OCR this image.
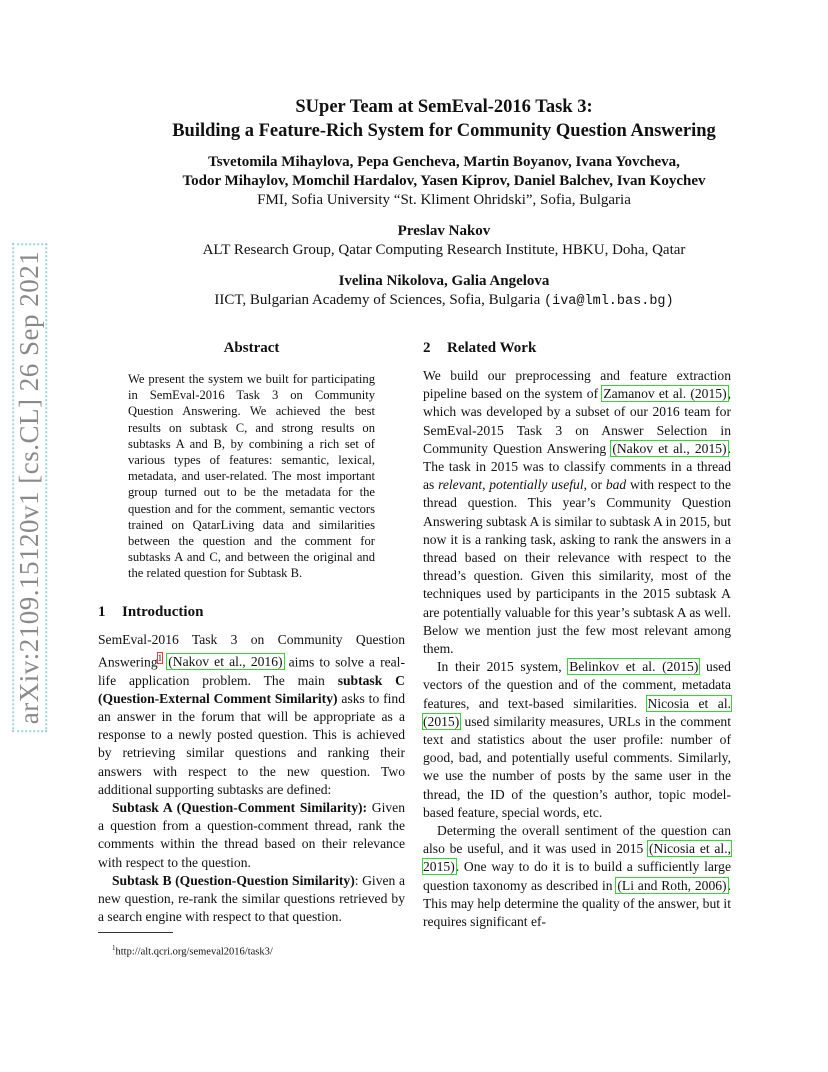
arXiv:2109.15120v1 [cs.CL] 26 Sep 2021

SUper Team at SemEval-2016 Task 3:
Building a Feature-Rich System for Community Question Answering

Tsvetomila Mihaylova, Pepa Gencheva, Martin Boyanov, Ivana Yovcheva,
Todor Mihaylov, Momchil Hardalov, Yasen Kiprov, Daniel Balchev, Ivan Koychev
FMI, Sofia University “St. Kliment Ohridski”, Sofia, Bulgaria
Preslav Nakov
ALT Research Group, Qatar Computing Research Institute, HBKU, Doha, Qatar
Ivelina Nikolova, Galia Angelova
IICT, Bulgarian Academy of Sciences, Sofia, Bulgaria (iva@lml.bas.bg)
Abstract

We present the system we built for participating in SemEval-2016 Task 3 on Community Question Answering. We achieved the best results on subtask C, and strong results on subtasks A and B, by combining a rich set of various types of features: semantic, lexical, metadata, and user-related. The most important group turned out to be the metadata for the question and for the comment, semantic vectors trained on QatarLiving data and similarities between the question and the comment for subtasks A and C, and between the original and the related question for Subtask B.

1 Introduction

SemEval-2016 Task 3 on Community Question Answering$^1$ (Nakov et al., 2016) aims to solve a real-life application problem. The main subtask C (Question-External Comment Similarity) asks to find an answer in the forum that will be appropriate as a response to a newly posted question. This is achieved by retrieving similar questions and ranking their answers with respect to the new question. Two additional supporting subtasks are defined:

Subtask A (Question-Comment Similarity): Given a question from a question-comment thread, rank the comments within the thread based on their relevance with respect to the question.

Subtask B (Question-Question Similarity): Given a new question, re-rank the similar questions retrieved by a search engine with respect to that question.

$^1$http://alt.qcri.org/semeval2016/task3/
2 Related Work

We build our preprocessing and feature extraction pipeline based on the system of Zamanov et al. (2015), which was developed by a subset of our 2016 team for SemEval-2015 Task 3 on Answer Selection in Community Question Answering (Nakov et al., 2015). The task in 2015 was to classify comments in a thread as relevant, potentially useful, or bad with respect to the thread question. This year’s Community Question Answering subtask A is similar to subtask A in 2015, but now it is a ranking task, asking to rank the answers in a thread based on their relevance with respect to the thread’s question. Given this similarity, most of the techniques used by participants in the 2015 subtask A are potentially valuable for this year’s subtask A as well. Below we mention just the few most relevant among them.

In their 2015 system, Belinkov et al. (2015) used vectors of the question and of the comment, metadata features, and text-based similarities. Nicosia et al. (2015) used similarity measures, URLs in the comment text and statistics about the user profile: number of good, bad, and potentially useful comments. Similarly, we use the number of posts by the same user in the thread, the ID of the question’s author, topic model-based feature, special words, etc.

Determing the overall sentiment of the question can also be useful, and it was used in 2015 (Nicosia et al., 2015). One way to do it is to build a sufficiently large question taxonomy as described in (Li and Roth, 2006). This may help determine the quality of the answer, but it requires significant ef-
